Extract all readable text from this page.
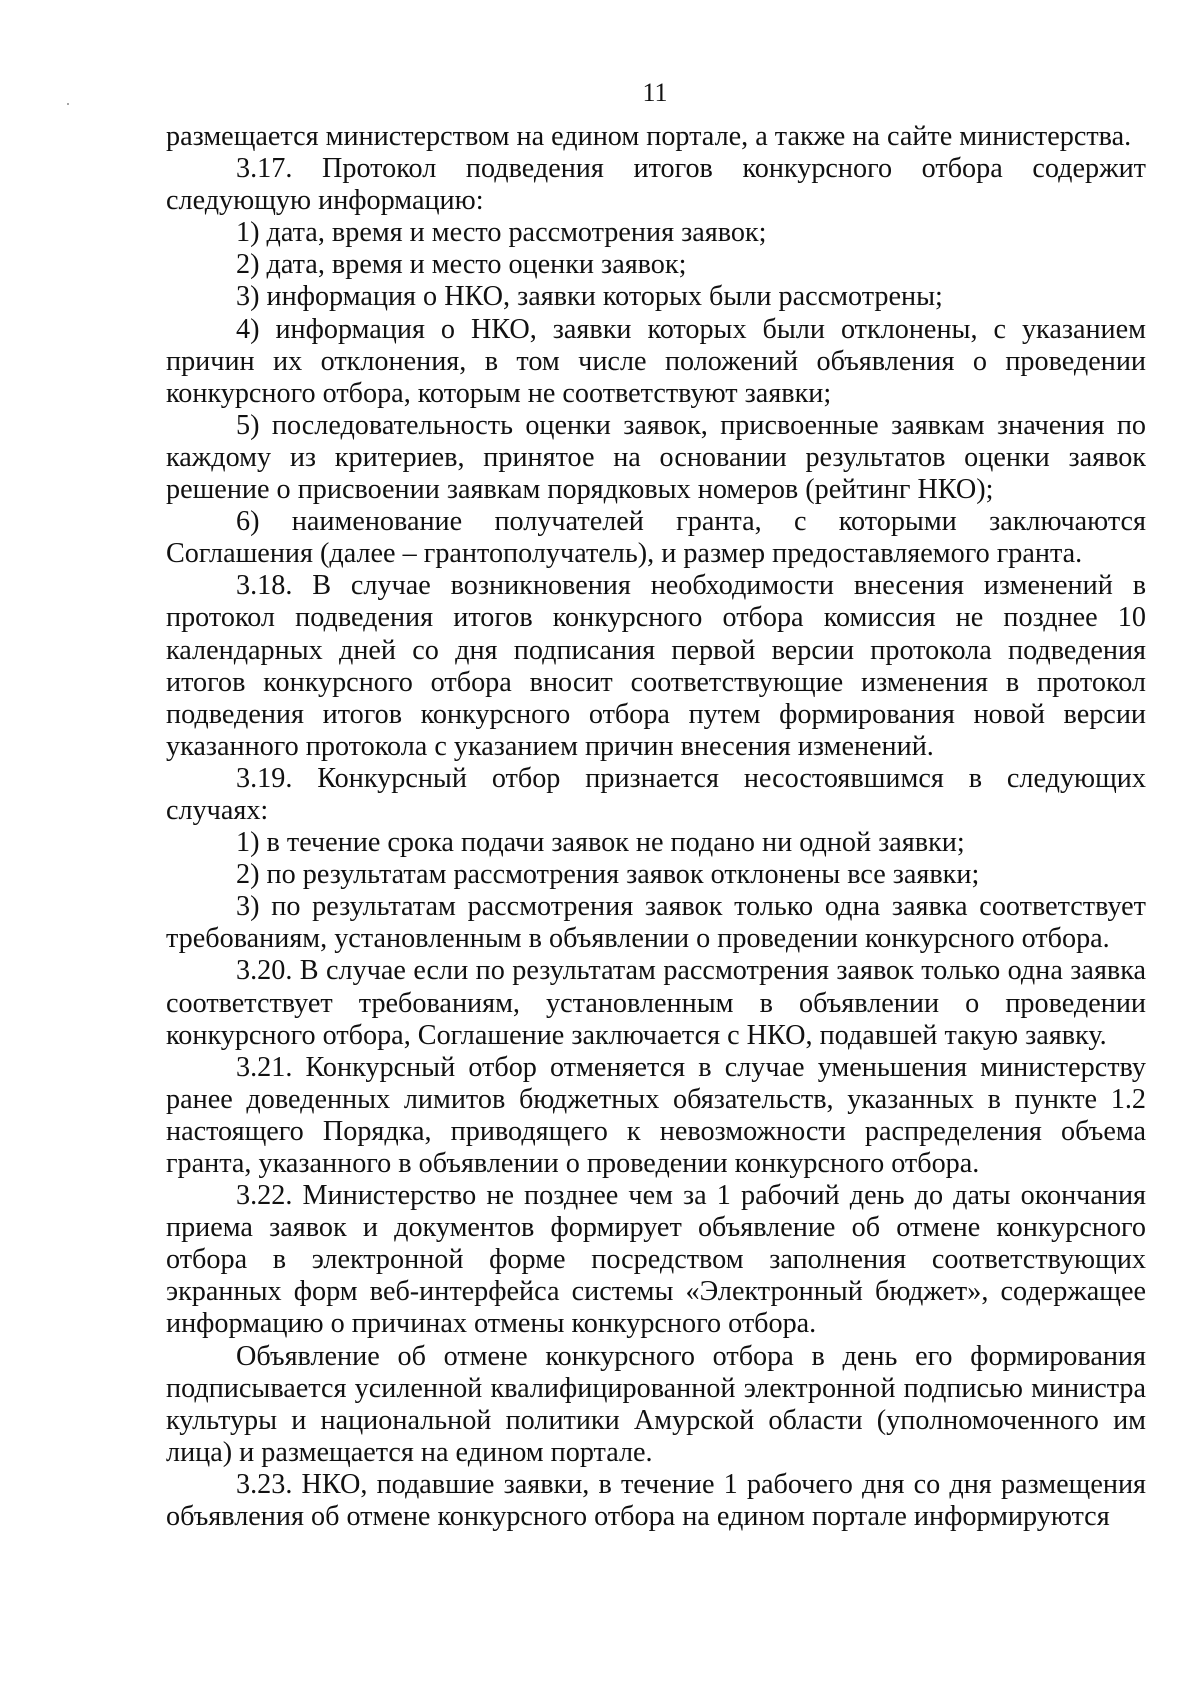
11

размещается министерством на едином портале, а также на сайте министерства.

3.17. Протокол подведения итогов конкурсного отбора содержит следующую информацию:

1) дата, время и место рассмотрения заявок;

2) дата, время и место оценки заявок;

3) информация о НКО, заявки которых были рассмотрены;

4) информация о НКО, заявки которых были отклонены, с указанием причин их отклонения, в том числе положений объявления о проведении конкурсного отбора, которым не соответствуют заявки;

5) последовательность оценки заявок, присвоенные заявкам значения по каждому из критериев, принятое на основании результатов оценки заявок решение о присвоении заявкам порядковых номеров (рейтинг НКО);

6) наименование получателей гранта, с которыми заключаются Соглашения (далее – грантополучатель), и размер предоставляемого гранта.

3.18. В случае возникновения необходимости внесения изменений в протокол подведения итогов конкурсного отбора комиссия не позднее 10 календарных дней со дня подписания первой версии протокола подведения итогов конкурсного отбора вносит соответствующие изменения в протокол подведения итогов конкурсного отбора путем формирования новой версии указанного протокола с указанием причин внесения изменений.

3.19. Конкурсный отбор признается несостоявшимся в следующих случаях:

1) в течение срока подачи заявок не подано ни одной заявки;

2) по результатам рассмотрения заявок отклонены все заявки;

3) по результатам рассмотрения заявок только одна заявка соответствует требованиям, установленным в объявлении о проведении конкурсного отбора.

3.20. В случае если по результатам рассмотрения заявок только одна заявка соответствует требованиям, установленным в объявлении о проведении конкурсного отбора, Соглашение заключается с НКО, подавшей такую заявку.

3.21. Конкурсный отбор отменяется в случае уменьшения министерству ранее доведенных лимитов бюджетных обязательств, указанных в пункте 1.2 настоящего Порядка, приводящего к невозможности распределения объема гранта, указанного в объявлении о проведении конкурсного отбора.

3.22. Министерство не позднее чем за 1 рабочий день до даты окончания приема заявок и документов формирует объявление об отмене конкурсного отбора в электронной форме посредством заполнения соответствующих экранных форм веб-интерфейса системы «Электронный бюджет», содержащее информацию о причинах отмены конкурсного отбора.

Объявление об отмене конкурсного отбора в день его формирования подписывается усиленной квалифицированной электронной подписью министра культуры и национальной политики Амурской области (уполномоченного им лица) и размещается на едином портале.

3.23. НКО, подавшие заявки, в течение 1 рабочего дня со дня размещения объявления об отмене конкурсного отбора на едином портале информируются
